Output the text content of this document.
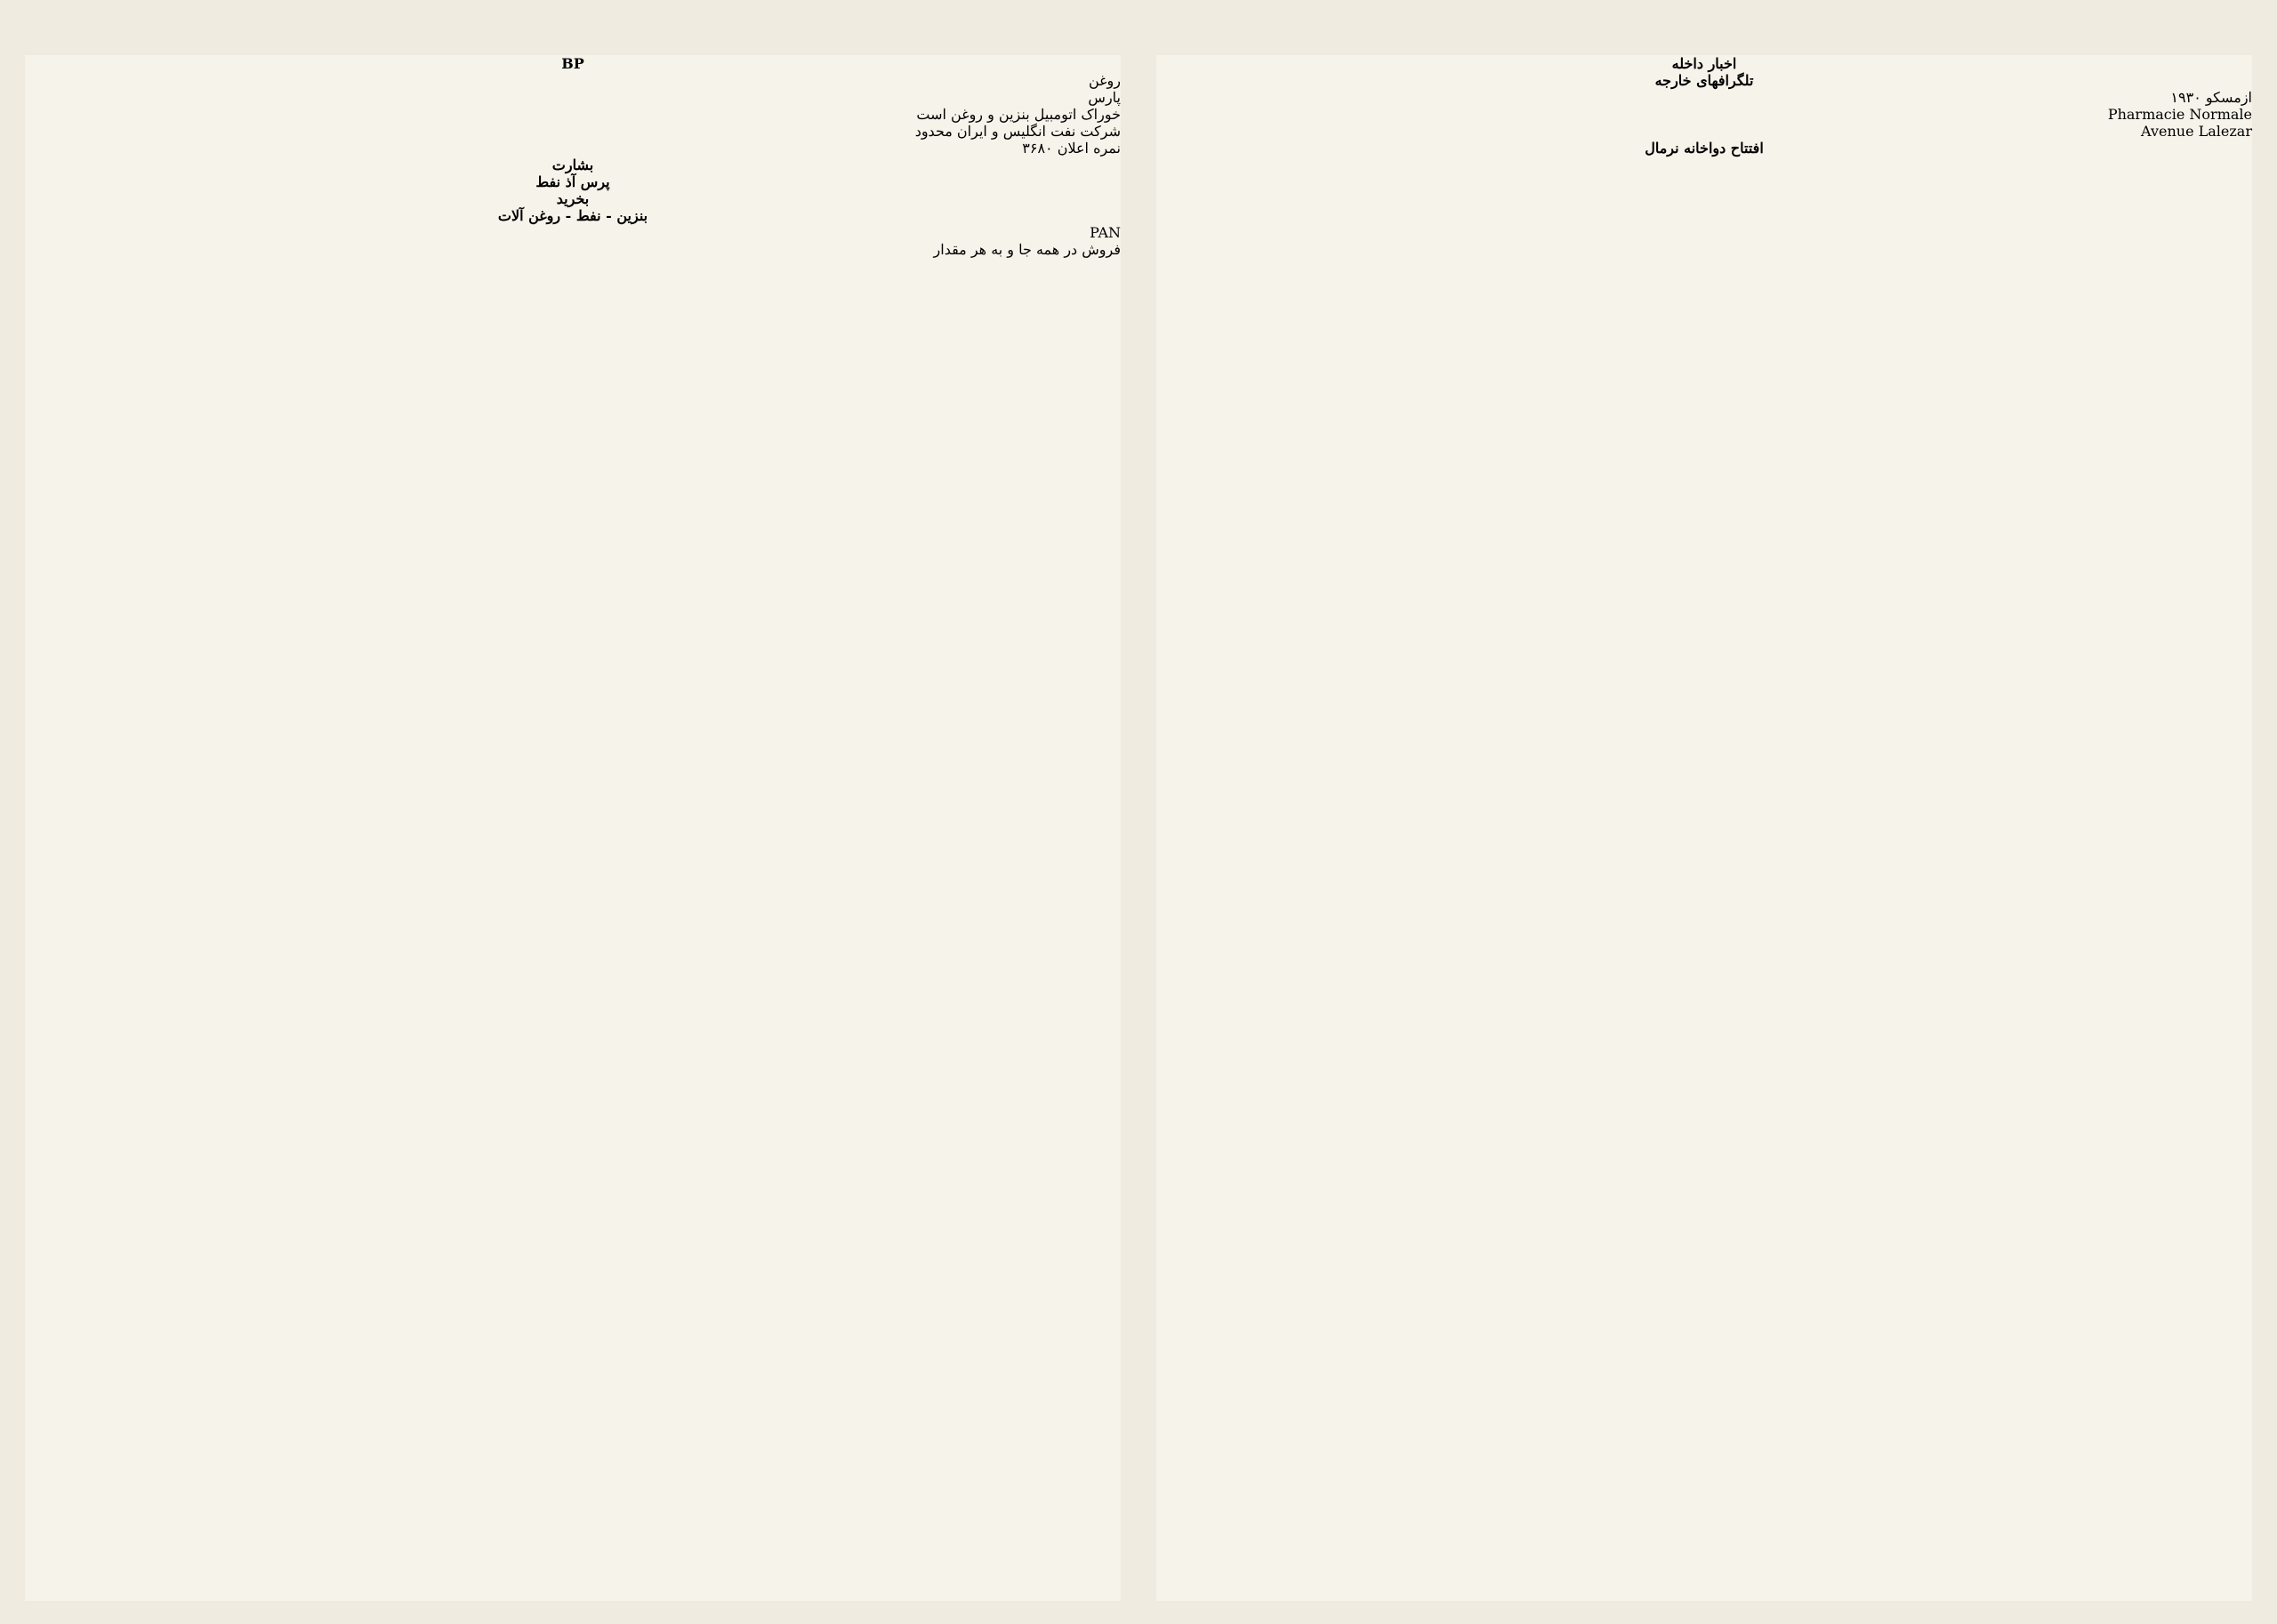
BP
روغن
پارس
خوراک اتومبیل بنزین و روغن است
شرکت نفت انگلیس و ایران محدود
نمره اعلان ۳۶۸۰
بشارت
پرس آذ نفط
بخرید
بنزین - نفط - روغن آلات
PAN
فروش در همه جا و به هر مقدار
اخبار داخله
تلگرافهای خارجه
ازمسکو ۱۹۳۰
Pharmacie Normale
Avenue Lalezar
افتتاح دواخانه نرمال
